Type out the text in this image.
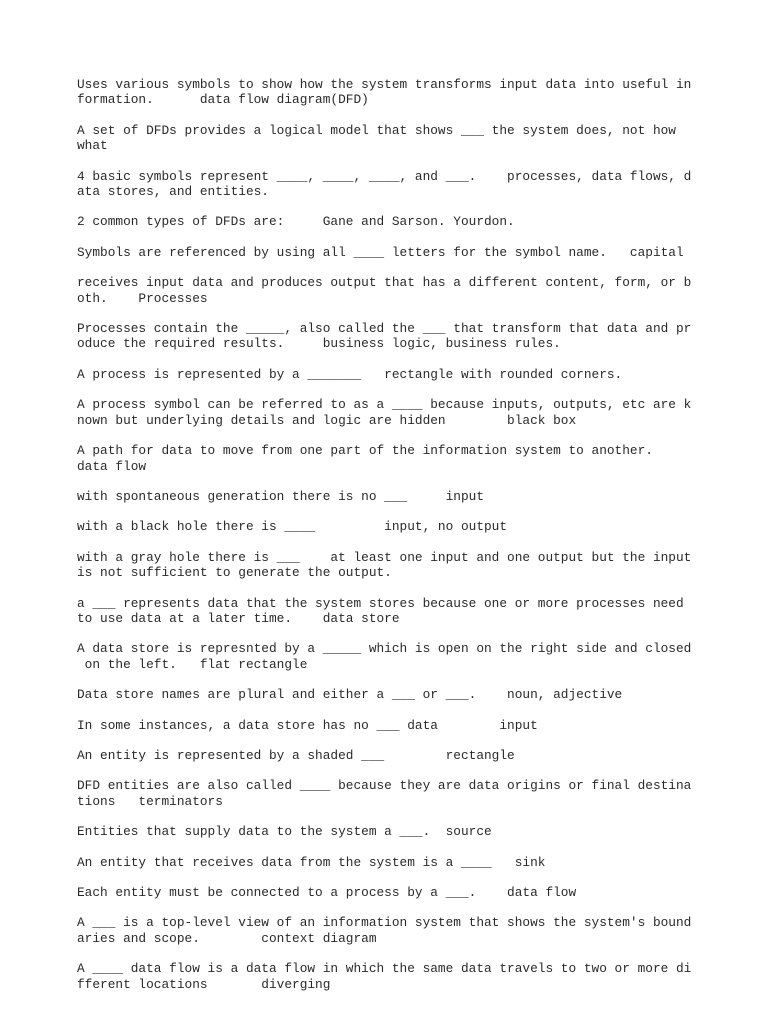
Uses various symbols to show how the system transforms input data into useful in
formation.      data flow diagram(DFD)
A set of DFDs provides a logical model that shows ___ the system does, not how
what
4 basic symbols represent ____, ____, ____, and ___.    processes, data flows, d
ata stores, and entities.
2 common types of DFDs are:     Gane and Sarson. Yourdon.
Symbols are referenced by using all ____ letters for the symbol name.   capital
receives input data and produces output that has a different content, form, or b
oth.    Processes
Processes contain the _____, also called the ___ that transform that data and pr
oduce the required results.     business logic, business rules.
A process is represented by a _______   rectangle with rounded corners.
A process symbol can be referred to as a ____ because inputs, outputs, etc are k
nown but underlying details and logic are hidden        black box
A path for data to move from one part of the information system to another.
data flow
with spontaneous generation there is no ___     input
with a black hole there is ____         input, no output
with a gray hole there is ___    at least one input and one output but the input
is not sufficient to generate the output.
a ___ represents data that the system stores because one or more processes need
to use data at a later time.    data store
A data store is represnted by a _____ which is open on the right side and closed
on the left.   flat rectangle
Data store names are plural and either a ___ or ___.    noun, adjective
In some instances, a data store has no ___ data        input
An entity is represented by a shaded ___        rectangle
DFD entities are also called ____ because they are data origins or final destina
tions   terminators
Entities that supply data to the system a ___.  source
An entity that receives data from the system is a ____   sink
Each entity must be connected to a process by a ___.    data flow
A ___ is a top-level view of an information system that shows the system's bound
aries and scope.        context diagram
A ____ data flow is a data flow in which the same data travels to two or more di
fferent locations       diverging
